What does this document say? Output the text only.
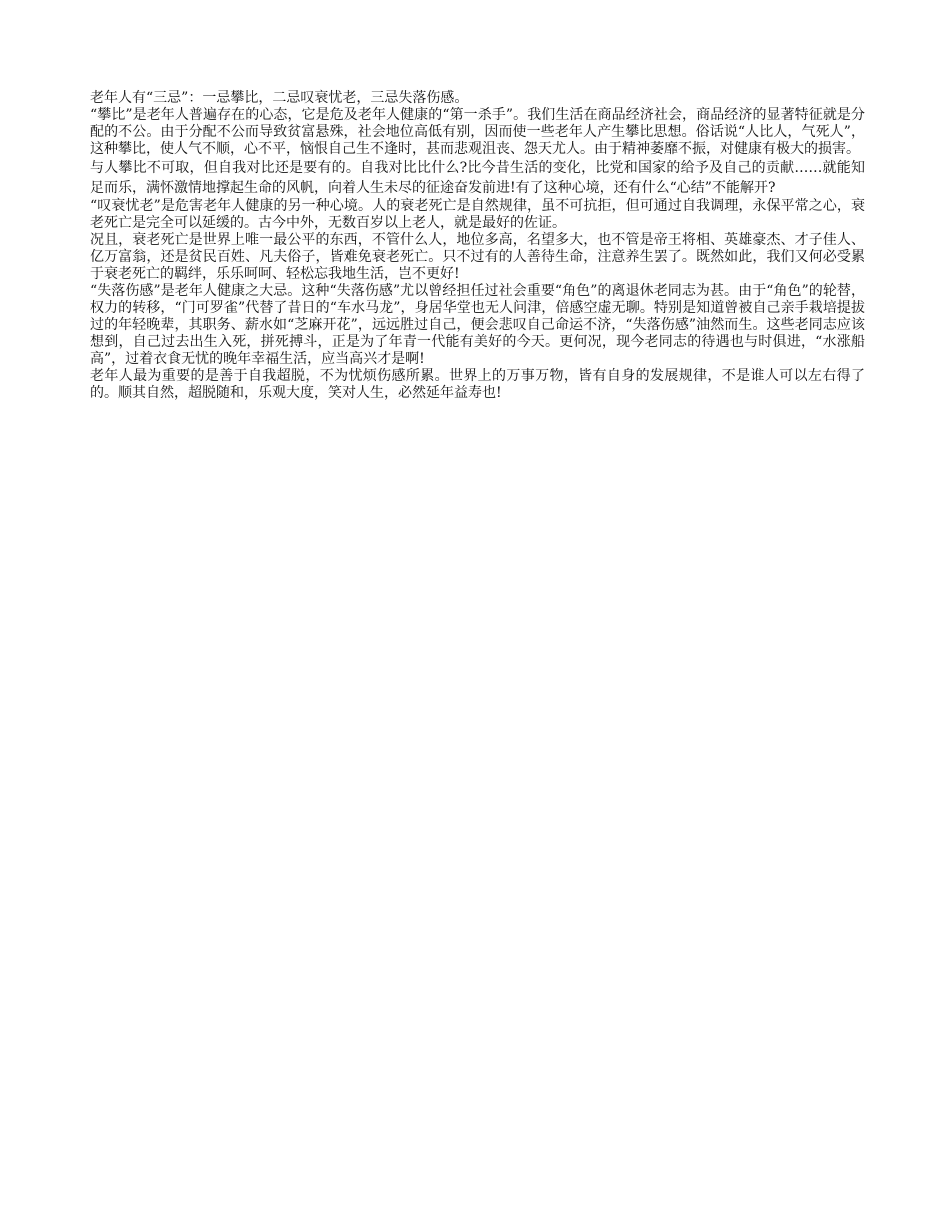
老年人有“三忌”：一忌攀比，二忌叹衰忧老，三忌失落伤感。

“攀比”是老年人普遍存在的心态，它是危及老年人健康的“第一杀手”。我们生活在商品经济社会，商品经济的显著特征就是分配的不公。由于分配不公而导致贫富悬殊，社会地位高低有别，因而使一些老年人产生攀比思想。俗话说“人比人，气死人”，这种攀比，使人气不顺，心不平，恼恨自己生不逢时，甚而悲观沮丧、怨天尤人。由于精神萎靡不振，对健康有极大的损害。

与人攀比不可取，但自我对比还是要有的。自我对比比什么?比今昔生活的变化，比党和国家的给予及自己的贡献……就能知足而乐，满怀激情地撑起生命的风帆，向着人生未尽的征途奋发前进!有了这种心境，还有什么“心结”不能解开?

“叹衰忧老”是危害老年人健康的另一种心境。人的衰老死亡是自然规律，虽不可抗拒，但可通过自我调理，永保平常之心，衰老死亡是完全可以延缓的。古今中外，无数百岁以上老人，就是最好的佐证。

况且，衰老死亡是世界上唯一最公平的东西，不管什么人，地位多高，名望多大，也不管是帝王将相、英雄豪杰、才子佳人、亿万富翁，还是贫民百姓、凡夫俗子，皆难免衰老死亡。只不过有的人善待生命，注意养生罢了。既然如此，我们又何必受累于衰老死亡的羁绊，乐乐呵呵、轻松忘我地生活，岂不更好!

“失落伤感”是老年人健康之大忌。这种“失落伤感”尤以曾经担任过社会重要“角色”的离退休老同志为甚。由于“角色”的轮替，权力的转移，“门可罗雀”代替了昔日的“车水马龙”，身居华堂也无人问津，倍感空虚无聊。特别是知道曾被自己亲手栽培提拔过的年轻晚辈，其职务、薪水如“芝麻开花”，远远胜过自己，便会悲叹自己命运不济，“失落伤感”油然而生。这些老同志应该想到，自己过去出生入死，拼死搏斗，正是为了年青一代能有美好的今天。更何况，现今老同志的待遇也与时俱进，“水涨船高”，过着衣食无忧的晚年幸福生活，应当高兴才是啊!

老年人最为重要的是善于自我超脱，不为忧烦伤感所累。世界上的万事万物，皆有自身的发展规律，不是谁人可以左右得了的。顺其自然，超脱随和，乐观大度，笑对人生，必然延年益寿也!
